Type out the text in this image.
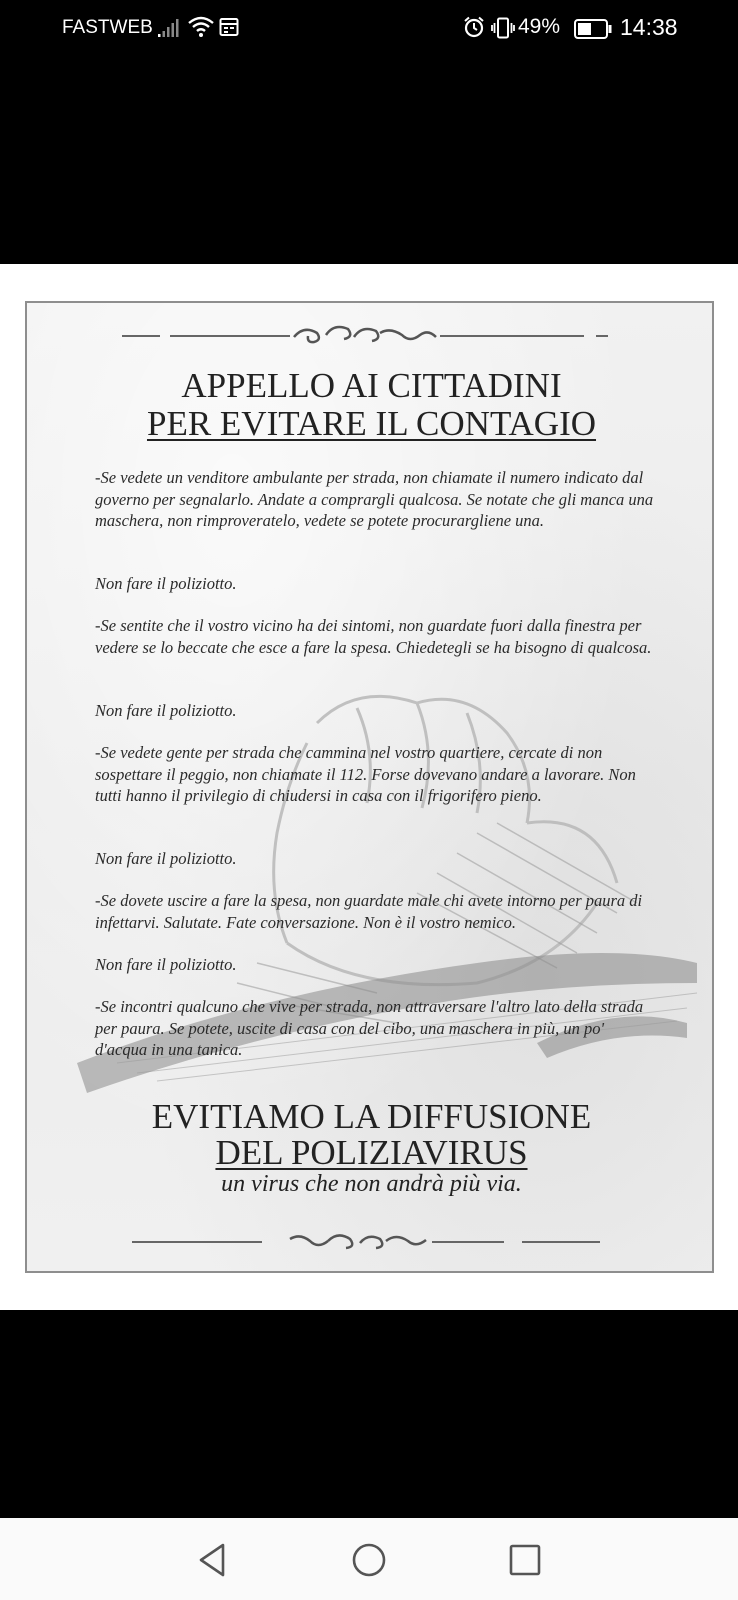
FASTWEB	49%	14:38
APPELLO AI CITTADINI
PER EVITARE IL CONTAGIO
-Se vedete un venditore ambulante per strada, non chiamate il numero indicato dal governo per segnalarlo. Andate a comprargli qualcosa. Se notate che gli manca una maschera, non rimproveratelo, vedete se potete procurargliene una.
Non fare il poliziotto.
-Se sentite che il vostro vicino ha dei sintomi, non guardate fuori dalla finestra per vedere se lo beccate che esce a fare la spesa. Chiedetegli se ha bisogno di qualcosa.
Non fare il poliziotto.
-Se vedete gente per strada che cammina nel vostro quartiere, cercate di non sospettare il peggio, non chiamate il 112. Forse dovevano andare a lavorare. Non tutti hanno il privilegio di chiudersi in casa con il frigorifero pieno.
Non fare il poliziotto.
-Se dovete uscire a fare la spesa, non guardate male chi avete intorno per paura di infettarvi. Salutate. Fate conversazione. Non è il vostro nemico.
Non fare il poliziotto.
-Se incontri qualcuno che vive per strada, non attraversare l'altro lato della strada per paura. Se potete, uscite di casa con del cibo, una maschera in più, un po' d'acqua in una tanica.
EVITIAMO LA DIFFUSIONE
DEL POLIZIAVIRUS
un virus che non andrà più via.
